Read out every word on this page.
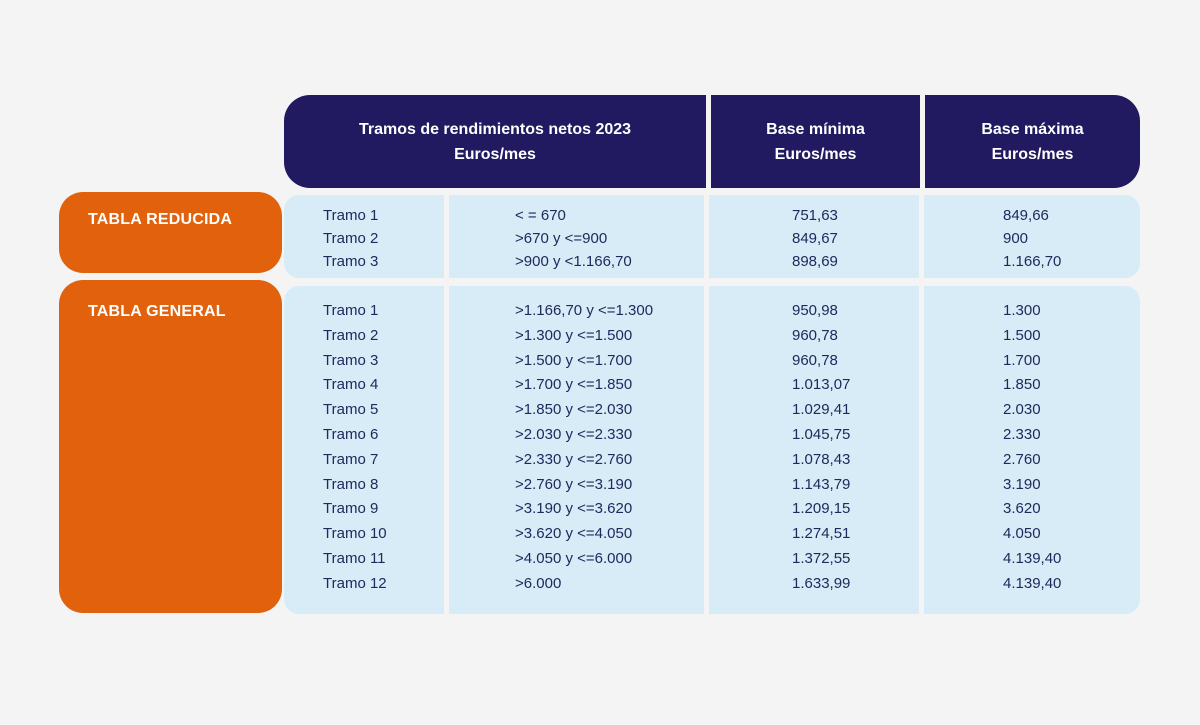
TABLA REDUCIDA
TABLA GENERAL
Tramos de rendimientos netos 2023
Euros/mes
Base mínima
Euros/mes
Base máxima
Euros/mes
Tramo 1
Tramo 2
Tramo 3
< = 670
>670 y <=900
>900 y <1.166,70
751,63
849,67
898,69
849,66
900
1.166,70
Tramo 1
Tramo 2
Tramo 3
Tramo 4
Tramo 5
Tramo 6
Tramo 7
Tramo 8
Tramo 9
Tramo 10
Tramo 11
Tramo 12
>1.166,70 y <=1.300
>1.300 y <=1.500
>1.500 y <=1.700
>1.700 y <=1.850
>1.850 y <=2.030
>2.030 y <=2.330
>2.330 y <=2.760
>2.760 y <=3.190
>3.190 y <=3.620
>3.620 y <=4.050
>4.050 y <=6.000
>6.000
950,98
960,78
960,78
1.013,07
1.029,41
1.045,75
1.078,43
1.143,79
1.209,15
1.274,51
1.372,55
1.633,99
1.300
1.500
1.700
1.850
2.030
2.330
2.760
3.190
3.620
4.050
4.139,40
4.139,40
